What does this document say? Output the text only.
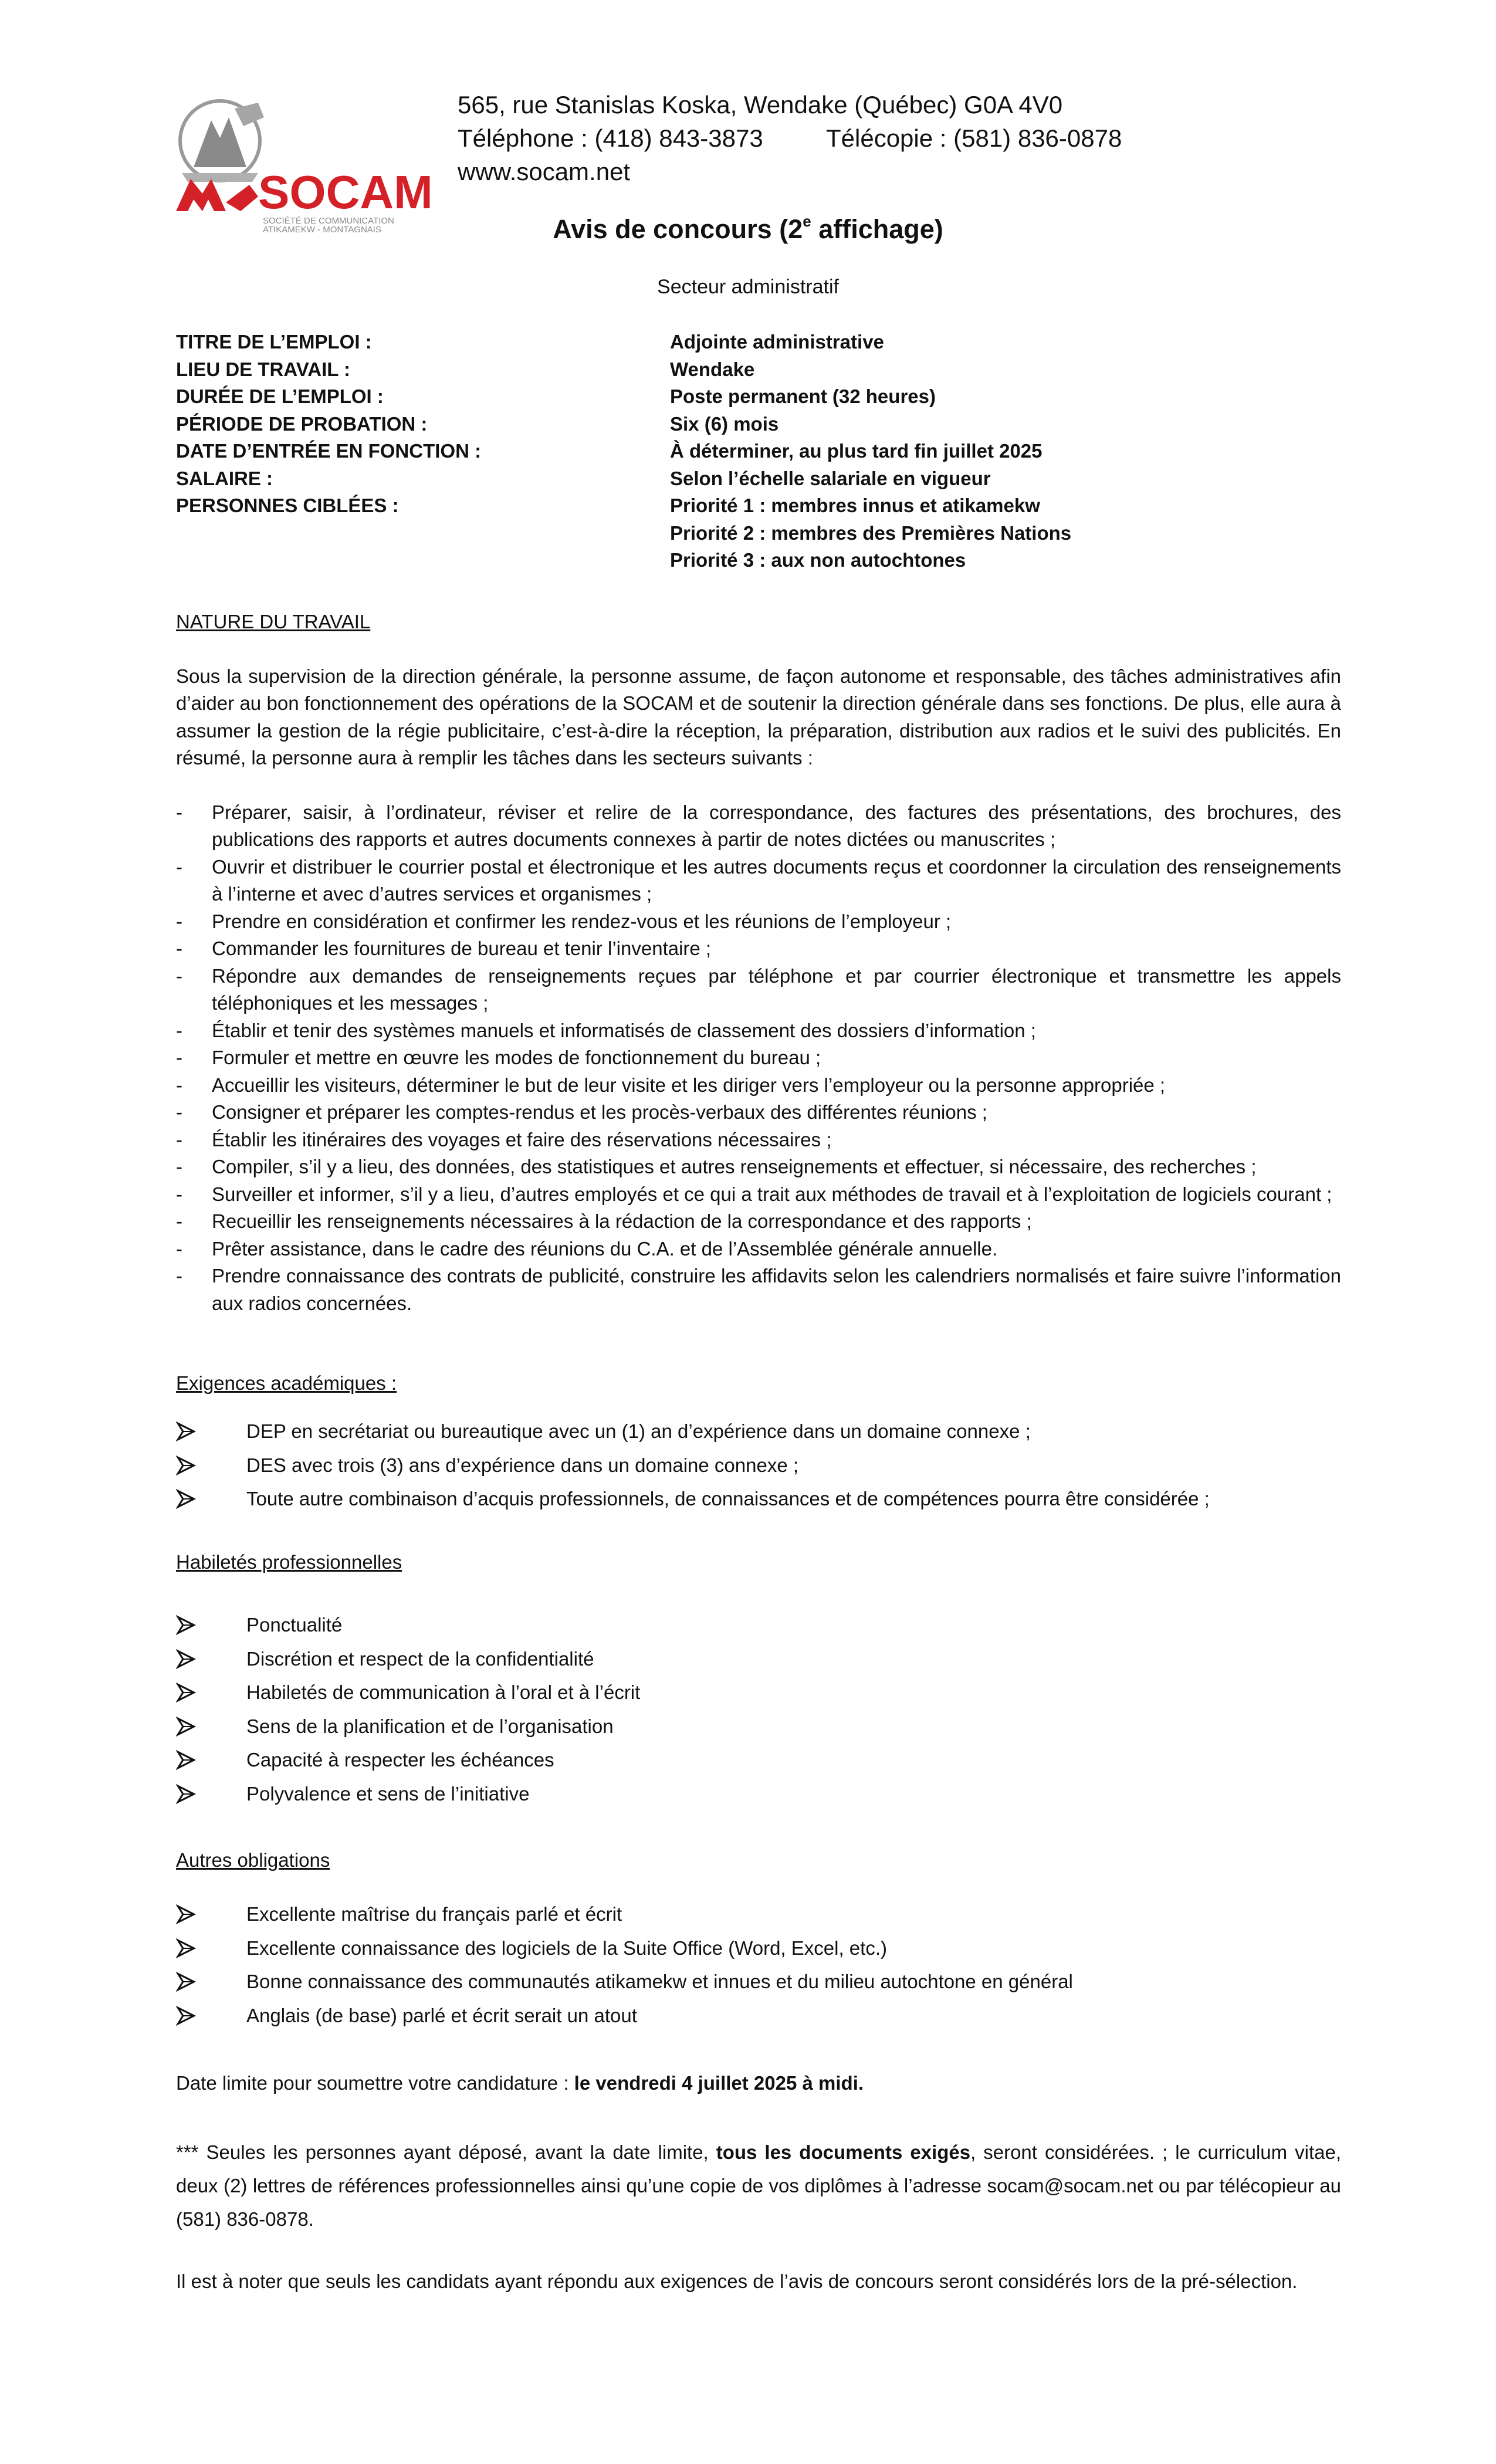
SOCAM
SOCIÉTÉ DE COMMUNICATION
ATIKAMEKW - MONTAGNAIS
565, rue Stanislas Koska, Wendake (Québec) G0A 4V0
Téléphone : (418) 843-3873	Télécopie : (581) 836-0878
www.socam.net
Avis de concours (2e affichage)
Secteur administratif
TITRE DE L’EMPLOI :	Adjointe administrative
LIEU DE TRAVAIL :	Wendake
DURÉE DE L’EMPLOI :	Poste permanent (32 heures)
PÉRIODE DE PROBATION :	Six (6) mois
DATE D’ENTRÉE EN FONCTION :	À déterminer, au plus tard fin juillet 2025
SALAIRE :	Selon l’échelle salariale en vigueur
PERSONNES CIBLÉES :	Priorité 1 : membres innus et atikamekw
Priorité 2 : membres des Premières Nations
Priorité 3 : aux non autochtones
NATURE DU TRAVAIL
Sous la supervision de la direction générale, la personne assume, de façon autonome et responsable, des tâches administratives afin d’aider au bon fonctionnement des opérations de la SOCAM et de soutenir la direction générale dans ses fonctions. De plus, elle aura à assumer la gestion de la régie publicitaire, c’est-à-dire la réception, la préparation, distribution aux radios et le suivi des publicités. En résumé, la personne aura à remplir les tâches dans les secteurs suivants :
- Préparer, saisir, à l’ordinateur, réviser et relire de la correspondance, des factures des présentations, des brochures, des publications des rapports et autres documents connexes à partir de notes dictées ou manuscrites ;
- Ouvrir et distribuer le courrier postal et électronique et les autres documents reçus et coordonner la circulation des renseignements à l’interne et avec d’autres services et organismes ;
- Prendre en considération et confirmer les rendez-vous et les réunions de l’employeur ;
- Commander les fournitures de bureau et tenir l’inventaire ;
- Répondre aux demandes de renseignements reçues par téléphone et par courrier électronique et transmettre les appels téléphoniques et les messages ;
- Établir et tenir des systèmes manuels et informatisés de classement des dossiers d’information ;
- Formuler et mettre en œuvre les modes de fonctionnement du bureau ;
- Accueillir les visiteurs, déterminer le but de leur visite et les diriger vers l’employeur ou la personne appropriée ;
- Consigner et préparer les comptes-rendus et les procès-verbaux des différentes réunions ;
- Établir les itinéraires des voyages et faire des réservations nécessaires ;
- Compiler, s’il y a lieu, des données, des statistiques et autres renseignements et effectuer, si nécessaire, des recherches ;
- Surveiller et informer, s’il y a lieu, d’autres employés et ce qui a trait aux méthodes de travail et à l’exploitation de logiciels courant ;
- Recueillir les renseignements nécessaires à la rédaction de la correspondance et des rapports ;
- Prêter assistance, dans le cadre des réunions du C.A. et de l’Assemblée générale annuelle.
- Prendre connaissance des contrats de publicité, construire les affidavits selon les calendriers normalisés et faire suivre l’information aux radios concernées.
Exigences académiques :
DEP en secrétariat ou bureautique avec un (1) an d’expérience dans un domaine connexe ;
DES avec trois (3) ans d’expérience dans un domaine connexe ;
Toute autre combinaison d’acquis professionnels, de connaissances et de compétences pourra être considérée ;
Habiletés professionnelles
Ponctualité
Discrétion et respect de la confidentialité
Habiletés de communication à l’oral et à l’écrit
Sens de la planification et de l’organisation
Capacité à respecter les échéances
Polyvalence et sens de l’initiative
Autres obligations
Excellente maîtrise du français parlé et écrit
Excellente connaissance des logiciels de la Suite Office (Word, Excel, etc.)
Bonne connaissance des communautés atikamekw et innues et du milieu autochtone en général
Anglais (de base) parlé et écrit serait un atout
Date limite pour soumettre votre candidature : le vendredi 4 juillet 2025 à midi.
*** Seules les personnes ayant déposé, avant la date limite, tous les documents exigés, seront considérées. ; le curriculum vitae, deux (2) lettres de références professionnelles ainsi qu’une copie de vos diplômes à l’adresse socam@socam.net ou par télécopieur au (581) 836-0878.
Il est à noter que seuls les candidats ayant répondu aux exigences de l’avis de concours seront considérés lors de la pré-sélection.
